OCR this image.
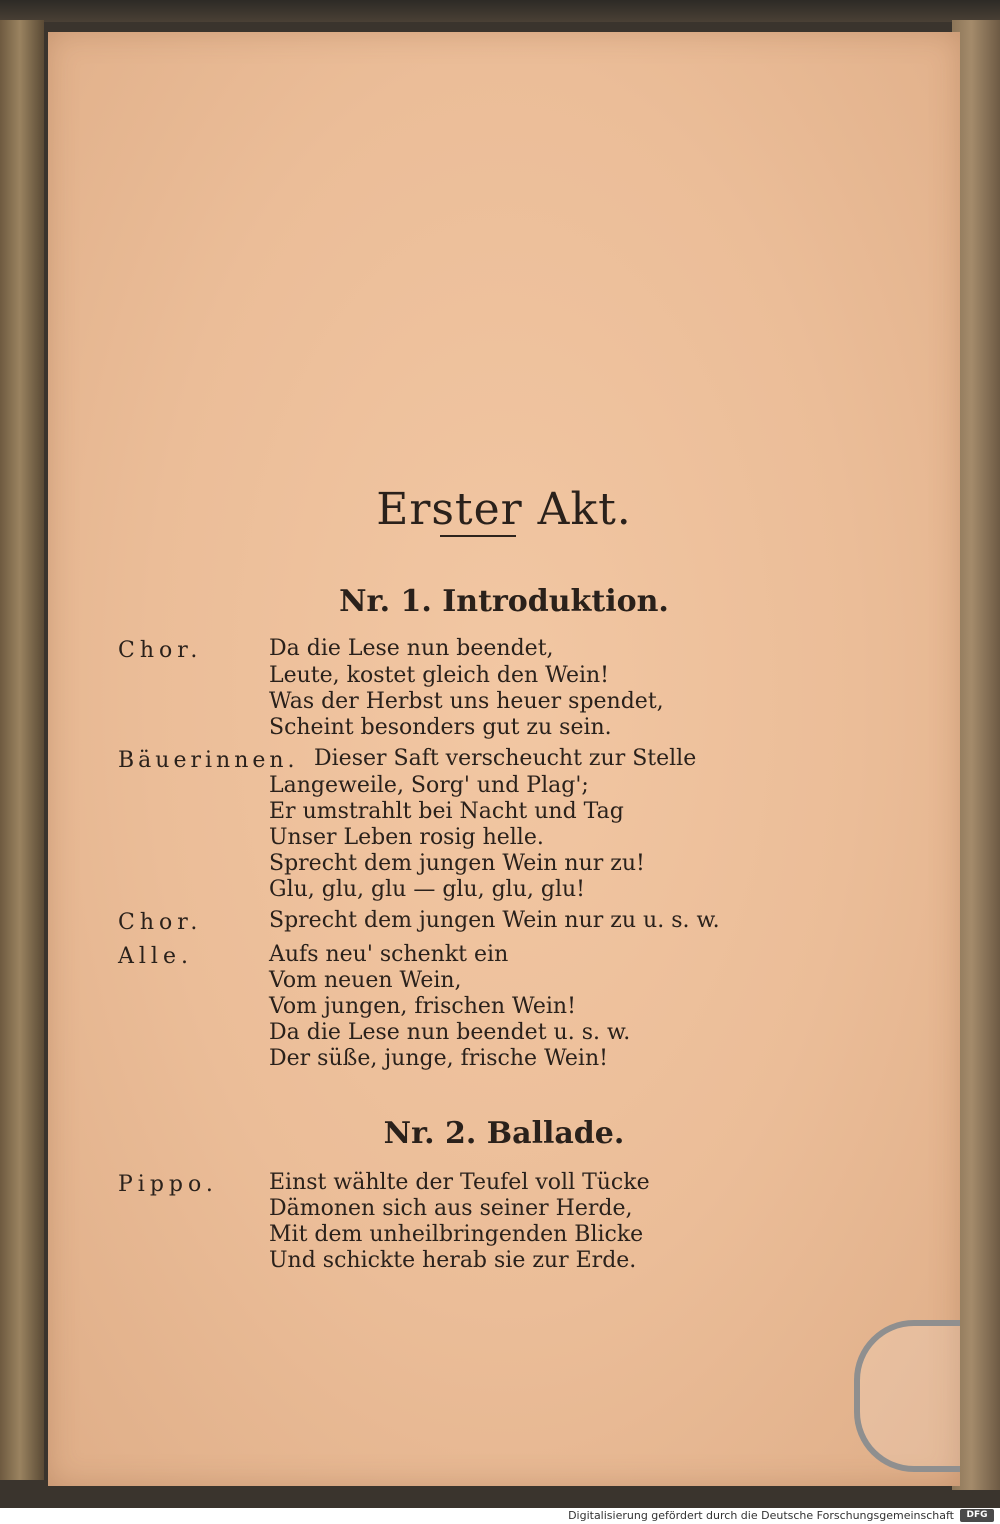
Erster Akt.
Nr. 1. Introduktion.
Chor.	Da die Lese nun beendet,
Leute, kostet gleich den Wein!
Was der Herbst uns heuer spendet,
Scheint besonders gut zu sein.
Bäuerinnen. Dieser Saft verscheucht zur Stelle
Langeweile, Sorg' und Plag';
Er umstrahlt bei Nacht und Tag
Unser Leben rosig helle.
Sprecht dem jungen Wein nur zu!
Glu, glu, glu — glu, glu, glu!
Chor.	Sprecht dem jungen Wein nur zu u. s. w.
Alle.	Aufs neu' schenkt ein
Vom neuen Wein,
Vom jungen, frischen Wein!
Da die Lese nun beendet u. s. w.
Der süße, junge, frische Wein!
Nr. 2. Ballade.
Pippo. Einst wählte der Teufel voll Tücke
Dämonen sich aus seiner Herde,
Mit dem unheilbringenden Blicke
Und schickte herab sie zur Erde.
Digitalisierung gefördert durch die Deutsche Forschungsgemeinschaft	DFG
